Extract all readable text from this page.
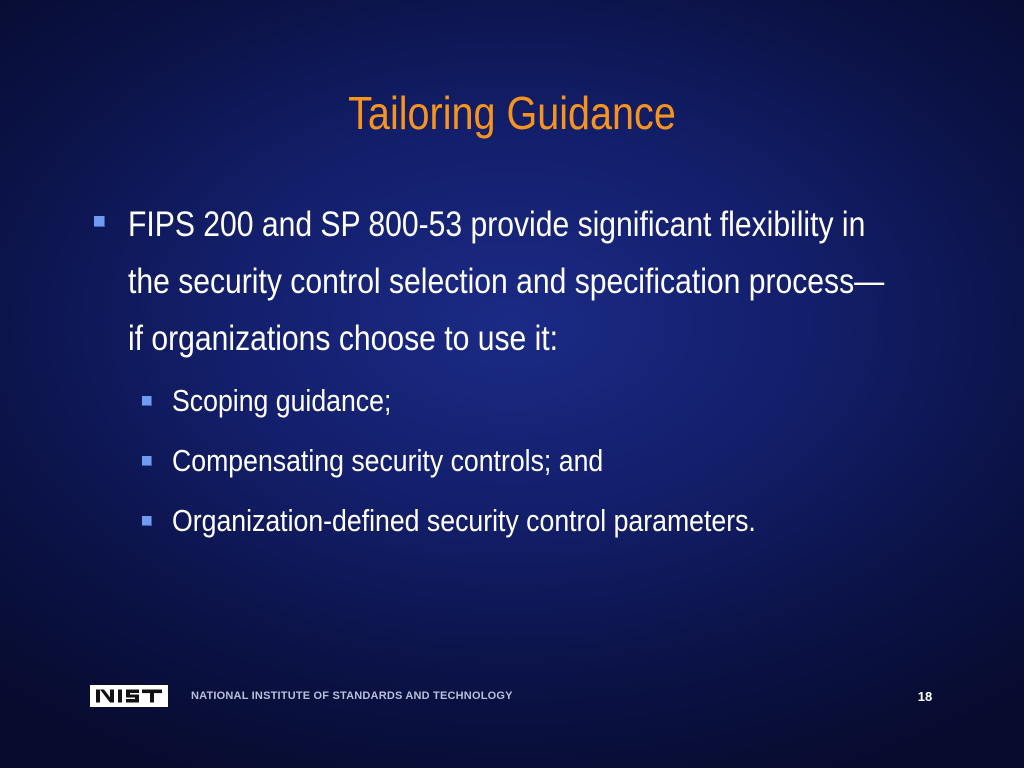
Tailoring Guidance
FIPS 200 and SP 800-53 provide significant flexibility in the security control selection and specification process—if organizations choose to use it:
Scoping guidance;
Compensating security controls; and
Organization-defined security control parameters.
NATIONAL INSTITUTE OF STANDARDS AND TECHNOLOGY	18
